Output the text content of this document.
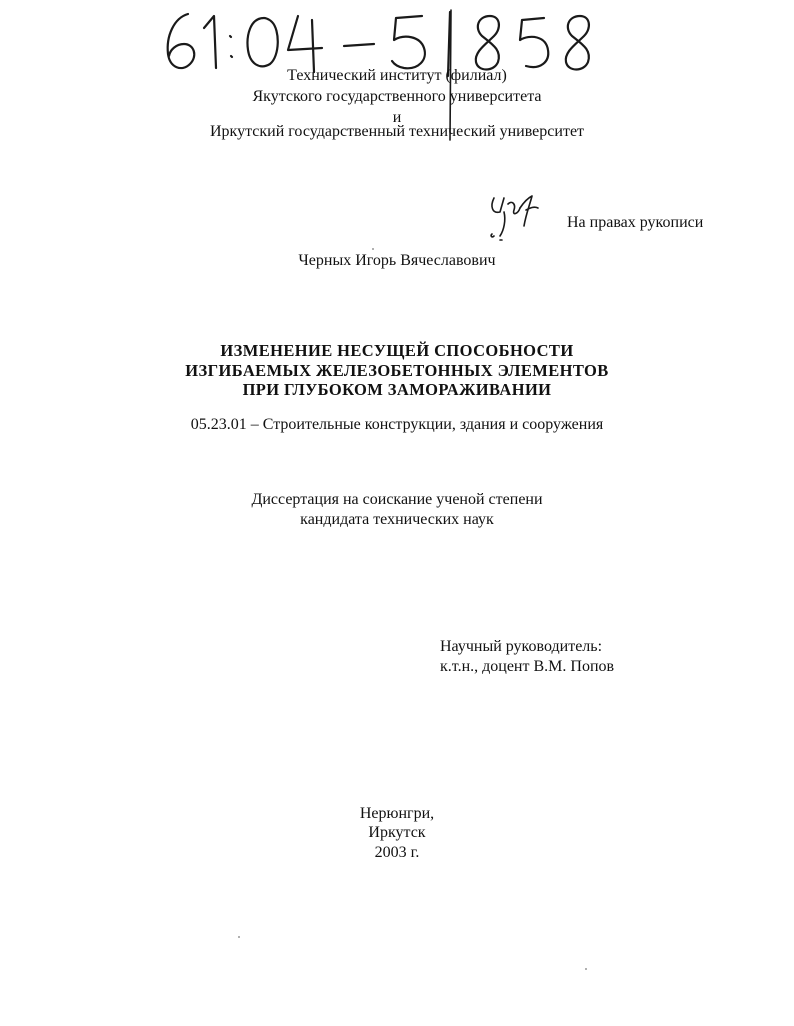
Технический институт (филиал)
Якутского государственного университета
и
Иркутский государственный технический университет
На правах рукописи
Черных Игорь Вячеславович
ИЗМЕНЕНИЕ НЕСУЩЕЙ СПОСОБНОСТИ
ИЗГИБАЕМЫХ ЖЕЛЕЗОБЕТОННЫХ ЭЛЕМЕНТОВ
ПРИ ГЛУБОКОМ ЗАМОРАЖИВАНИИ
05.23.01 – Строительные конструкции, здания и сооружения
Диссертация на соискание ученой степени
кандидата технических наук
Научный руководитель:
к.т.н., доцент В.М. Попов
Нерюнгри,
Иркутск
2003 г.
